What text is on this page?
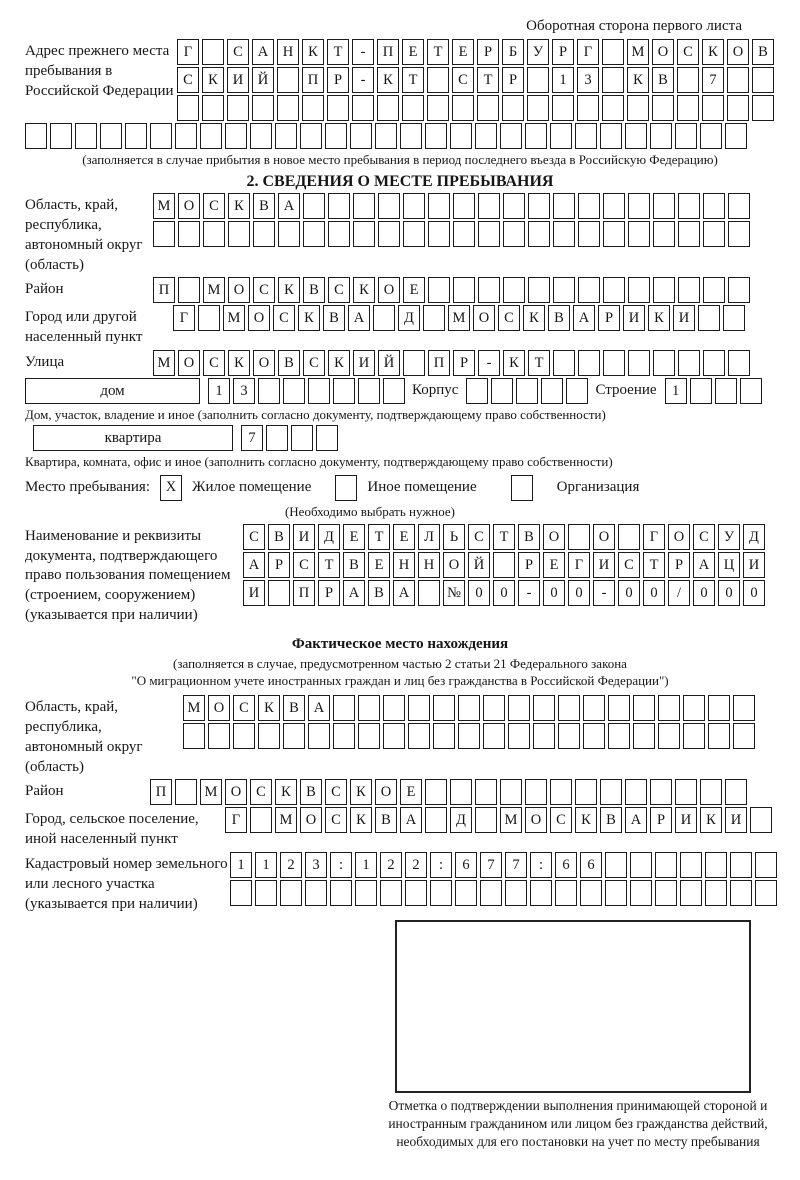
Оборотная сторона первого листа
Адрес прежнего места пребывания в Российской Федерации
Г	С	А	Н	К	Т	-	П	Е	Т	Е	Р	Б	У	Р	Г	М О	С	К	О	В
С	К	И	Й	П	Р	-	К	Т	С	Т	Р	1	3	К	В	7
(заполняется в случае прибытия в новое место пребывания в период последнего въезда в Российскую Федерацию)
2. СВЕДЕНИЯ О МЕСТЕ ПРЕБЫВАНИЯ
Область, край, республика, автономный округ (область)
М О	С	К	В	А
Район	П	М О	С	К	В	С	К	О	Е
Город или другой населенный пункт
Г	М О	С	К	В	А	Д	М О	С	К	В	А	Р	И	К	И
Улица	М О	С	К	О	В	С	К	И	Й	П	Р	-	К	Т
дом	1	3	Корпус	Строение	1
Дом, участок, владение и иное (заполнить согласно документу, подтверждающему право собственности)
квартира	7
Квартира, комната, офис и иное (заполнить согласно документу, подтверждающему право собственности)
Место пребывания:	X	Жилое помещение	Иное помещение	Организация
(Необходимо выбрать нужное)
Наименование и реквизиты документа, подтверждающего право пользования помещением (строением, сооружением) (указывается при наличии)
С	В	И	Д	Е	Т	Е	Л	Ь	С	Т	В	О	О	Г	О	С	У	Д
А	Р	С	Т	В	Е	Н	Н	О	Й	Р	Е	Г	И	С	Т	Р	А	Ц	И
И	П	Р	А	В	А	№ 0	0	-	0	0	-	0	0	/	0	0	0
Фактическое место нахождения
(заполняется в случае, предусмотренном частью 2 статьи 21 Федерального закона
"О миграционном учете иностранных граждан и лиц без гражданства в Российской Федерации")
Область, край, республика, автономный округ (область)
М О	С	К	В	А
Район	П	М О	С	К	В	С	К	О	Е
Город, сельское поселение, иной населенный пункт
Г	М О	С	К	В	А	Д	М О	С	К	В	А	Р	И	К	И
Кадастровый номер земельного или лесного участка (указывается при наличии)
1	1	2	3	:	1	2	2	:	6	7	7	:	6	6
Отметка о подтверждении выполнения принимающей стороной и иностранным гражданином или лицом без гражданства действий, необходимых для его постановки на учет по месту пребывания
